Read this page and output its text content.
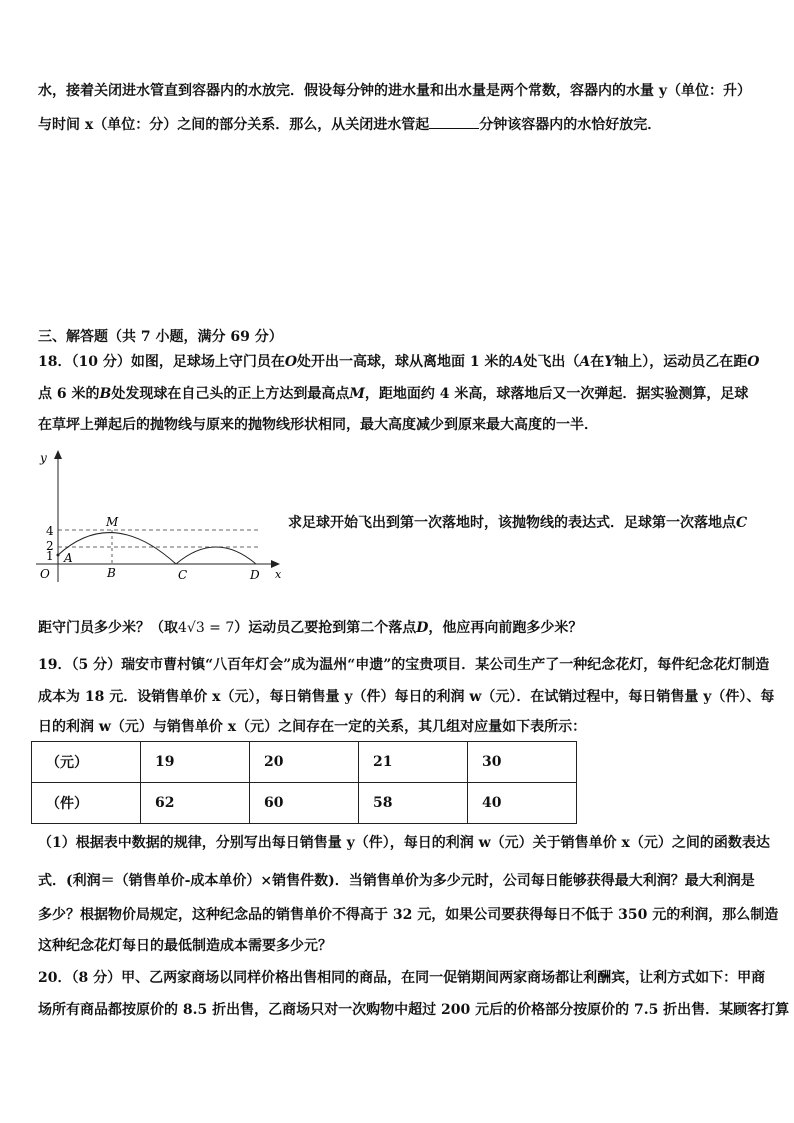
水，接着关闭进水管直到容器内的水放完．假设每分钟的进水量和出水量是两个常数，容器内的水量 y（单位：升）
与时间 x（单位：分）之间的部分关系．那么，从关闭进水管起	分钟该容器内的水恰好放完．
三、解答题（共 7 小题，满分 69 分）
18．（10 分）如图，足球场上守门员在O处开出一高球，球从离地面 1 米的A处飞出（A在Y轴上），运动员乙在距O
点 6 米的B处发现球在自己头的正上方达到最高点M，距地面约 4 米高，球落地后又一次弹起．据实验测算，足球
在草坪上弹起后的抛物线与原来的抛物线形状相同，最大高度减少到原来最大高度的一半．
y
x
4
2
1
M
A
O	B	C	D
求足球开始飞出到第一次落地时，该抛物线的表达式．足球第一次落地点C
距守门员多少米？（取4√3 = 7）运动员乙要抢到第二个落点D，他应再向前跑多少米？
19．（5 分）瑞安市曹村镇“八百年灯会”成为温州“申遗”的宝贵项目．某公司生产了一种纪念花灯，每件纪念花灯制造
成本为 18 元．设销售单价 x（元），每日销售量 y（件）每日的利润 w（元）．在试销过程中，每日销售量 y（件）、每
日的利润 w（元）与销售单价 x（元）之间存在一定的关系，其几组对应量如下表所示：
（元）	19	20	21	30
（件）	62	60	58	40
（1）根据表中数据的规律，分别写出每日销售量 y（件），每日的利润 w（元）关于销售单价 x（元）之间的函数表达
式．(利润＝（销售单价-成本单价）×销售件数)．当销售单价为多少元时，公司每日能够获得最大利润？最大利润是
多少？根据物价局规定，这种纪念品的销售单价不得高于 32 元，如果公司要获得每日不低于 350 元的利润，那么制造
这种纪念花灯每日的最低制造成本需要多少元？
20．（8 分）甲、乙两家商场以同样价格出售相同的商品，在同一促销期间两家商场都让利酬宾，让利方式如下：甲商
场所有商品都按原价的 8.5 折出售，乙商场只对一次购物中超过 200 元后的价格部分按原价的 7.5 折出售．某顾客打算
